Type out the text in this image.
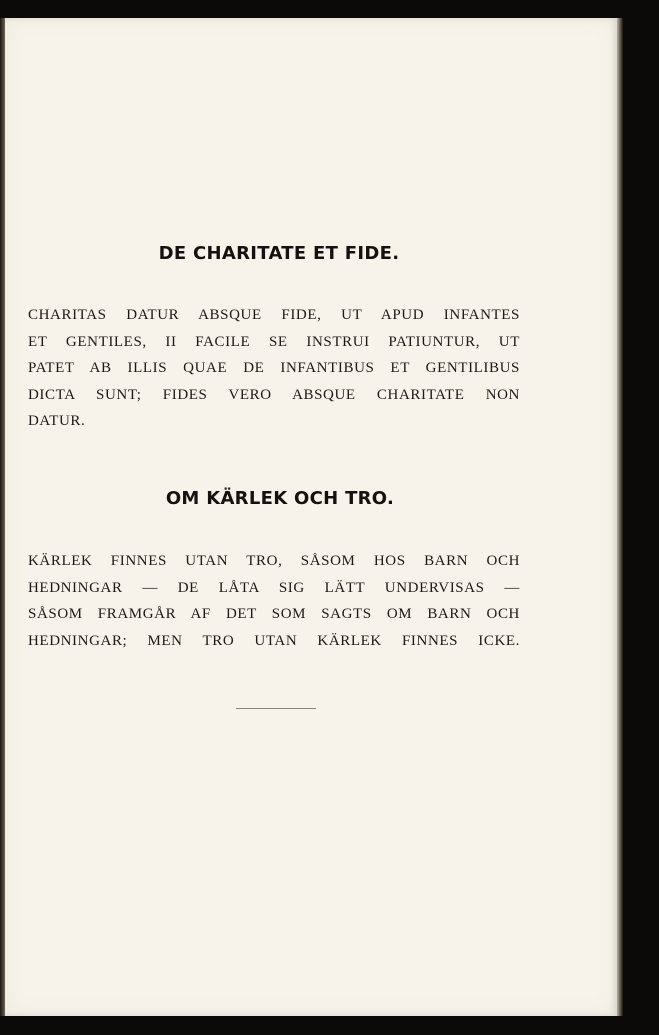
DE CHARITATE ET FIDE.
CHARITAS DATUR ABSQUE FIDE, UT APUD INFANTES
ET GENTILES, II FACILE SE INSTRUI PATIUNTUR, UT
PATET AB ILLIS QUAE DE INFANTIBUS ET GENTILIBUS
DICTA SUNT; FIDES VERO ABSQUE CHARITATE NON
DATUR.
OM KÄRLEK OCH TRO.
KÄRLEK FINNES UTAN TRO, SÅSOM HOS BARN OCH
HEDNINGAR — DE LÅTA SIG LÄTT UNDERVISAS —
SÅSOM FRAMGÅR AF DET SOM SAGTS OM BARN OCH
HEDNINGAR; MEN TRO UTAN KÄRLEK FINNES ICKE.
